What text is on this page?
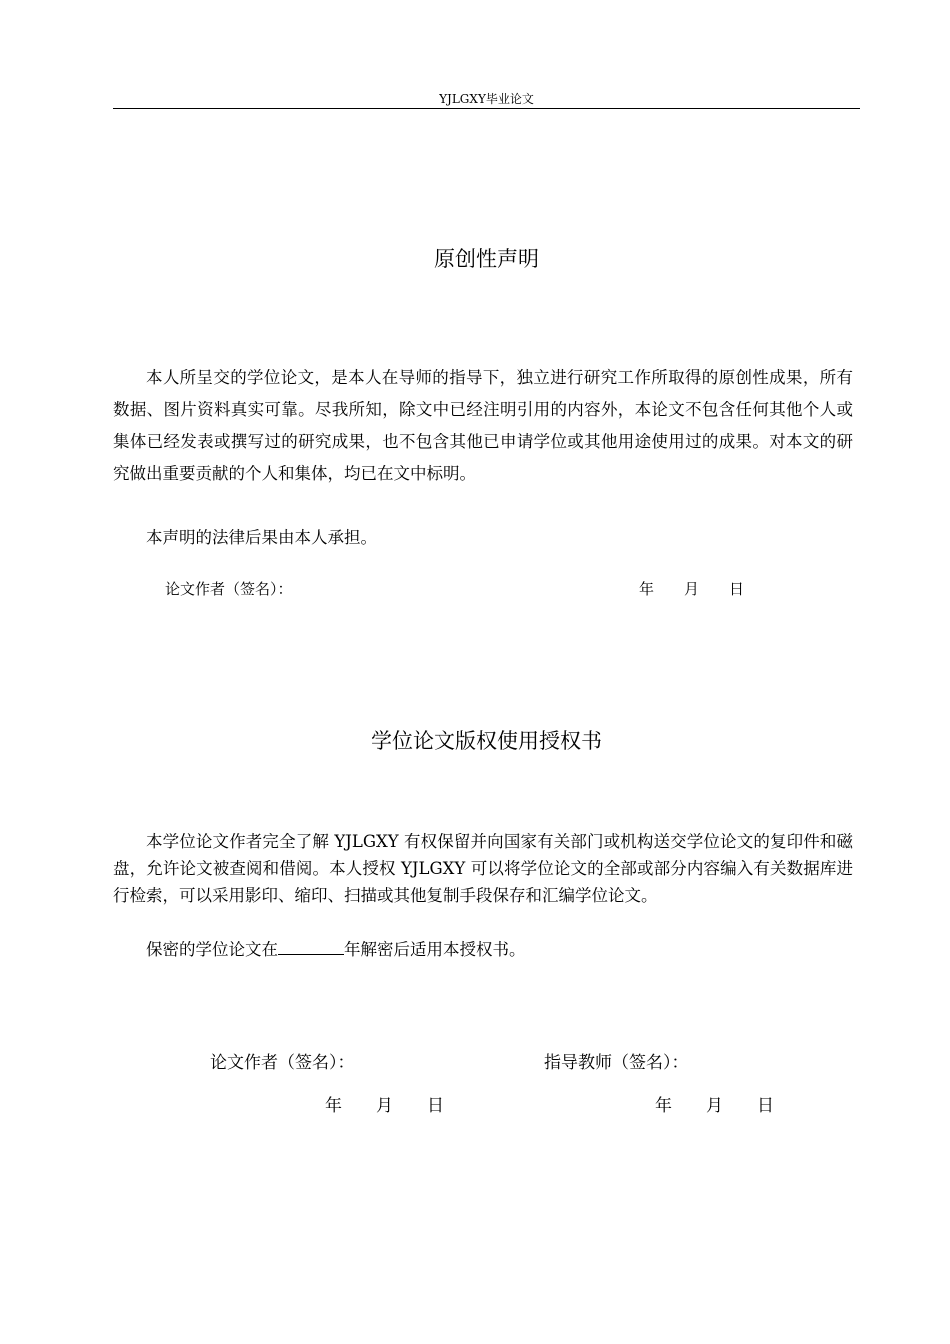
YJLGXY毕业论文
原创性声明

本人所呈交的学位论文，是本人在导师的指导下，独立进行研究工作所取得的原创性成果，所有数据、图片资料真实可靠。尽我所知，除文中已经注明引用的内容外，本论文不包含任何其他个人或集体已经发表或撰写过的研究成果，也不包含其他已申请学位或其他用途使用过的成果。对本文的研究做出重要贡献的个人和集体，均已在文中标明。

本声明的法律后果由本人承担。

论文作者（签名）：	年　　月　　日
学位论文版权使用授权书

本学位论文作者完全了解 YJLGXY 有权保留并向国家有关部门或机构送交学位论文的复印件和磁盘，允许论文被查阅和借阅。本人授权 YJLGXY 可以将学位论文的全部或部分内容编入有关数据库进行检索，可以采用影印、缩印、扫描或其他复制手段保存和汇编学位论文。

保密的学位论文在	年解密后适用本授权书。

论文作者（签名）：	指导教师（签名）：
年　　月　　日	年　　月　　日
